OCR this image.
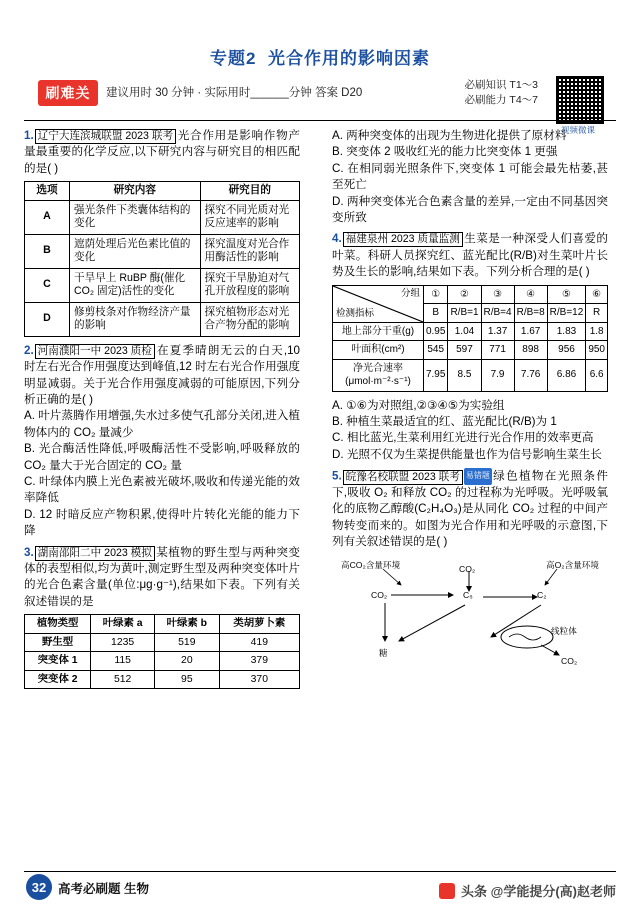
专题2 光合作用的影响因素
刷 难关 建议用时 30 分钟 · 实际用时______分钟 答案 D20
必刷知识 T1～3
必刷能力 T4～7
视频微课
1. 辽宁大连滨城联盟 2023 联考 光合作用是影响作物产量最重要的化学反应,以下研究内容与研究目的相匹配的是( )
选项	研究内容	研究目的
A	强光条件下类囊体结构的变化	探究不同光质对光反应速率的影响
B	遮荫处理后光色素比值的变化	探究温度对光合作用酶活性的影响
C	干旱早上 RuBP 酶(催化 CO₂ 固定)活性的变化	探究干旱胁迫对气孔开放程度的影响
D	修剪枝条对作物经济产量的影响	探究植物形态对光合产物分配的影响
2. 河南濮阳一中 2023 质检 在夏季晴朗无云的白天,10 时左右光合作用强度达到峰值,12 时左右光合作用强度明显减弱。关于光合作用强度减弱的可能原因,下列分析正确的是( )
A. 叶片蒸腾作用增强,失水过多使气孔部分关闭,进入植物体内的 CO₂ 量减少
B. 光合酶活性降低,呼吸酶活性不受影响,呼吸释放的 CO₂ 量大于光合固定的 CO₂ 量
C. 叶绿体内膜上光色素被光破坏,吸收和传递光能的效率降低
D. 12 时暗反应产物积累,使得叶片转化光能的能力下降
3. 湖南邵阳二中 2023 模拟 某植物的野生型与两种突变体的表型相似,均为黄叶,测定野生型及两种突变体叶片的光合色素含量(单位:μg·g⁻¹),结果如下表。下列有关叙述错误的是
植物类型	叶绿素 a	叶绿素 b	类胡萝卜素
野生型	1235	519	419
突变体 1	115	20	379
突变体 2	512	95	370
A. 两种突变体的出现为生物进化提供了原材料
B. 突变体 2 吸收红光的能力比突变体 1 更强
C. 在相同弱光照条件下,突变体 1 可能会最先枯萎,甚至死亡
D. 两种突变体光合色素含量的差异,一定由不同基因突变所致
4. 福建泉州 2023 质量监测 生菜是一种深受人们喜爱的叶菜。科研人员探究红、蓝光配比(R/B)对生菜叶片长势及生长的影响,结果如下表。下列分析合理的是( )
分组
检测指标	①	②	③	④	⑤	⑥
	B	R/B=1	R/B=4	R/B=8	R/B=12	R
地上部分干重(g)	0.95	1.04	1.37	1.67	1.83	1.8
叶面积(cm²)	545	597	771	898	956	950
净光合速率(μmol·m⁻²·s⁻¹)	7.95	8.5	7.9	7.76	6.86	6.6
A. ①⑥为对照组,②③④⑤为实验组
B. 种植生菜最适宜的红、蓝光配比(R/B)为 1
C. 相比蓝光,生菜利用红光进行光合作用的效率更高
D. 光照不仅为生菜提供能量也作为信号影响生菜生长
5. 皖豫名校联盟 2023 联考 易错题 绿色植物在光照条件下,吸收 O₂ 和释放 CO₂ 的过程称为光呼吸。光呼吸氧化的底物乙醇酸(C₂H₄O₃)是从同化 CO₂ 过程的中间产物转变而来的。如图为光合作用和光呼吸的示意图,下列有关叙述错误的是( )
高CO₂含量环境	高O₂含量环境
CO₂
CO₂	C₅	C₂
糖
CO₂
线粒体
32 高考必刷题 生物	头条 @学能提分(高)赵老师
